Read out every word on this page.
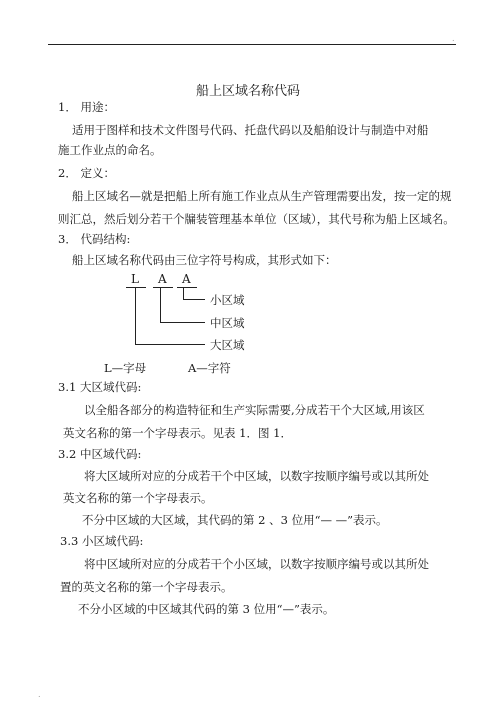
.
船上区域名称代码
1． 用途：
适用于图样和技术文件图号代码、托盘代码以及船舶设计与制造中对船
施工作业点的命名。
2． 定义：
船上区域名—就是把船上所有施工作业点从生产管理需要出发，按一定的规
则汇总，然后划分若干个牖装管理基本单位（区域），其代号称为船上区域名。
3． 代码结构:
船上区域名称代码由三位字符号构成，其形式如下：
L A A
小区域
中区域
大区域
L—字母	A—字符
3.1 大区域代码:
以全船各部分的构造特征和生产实际需要,分成若干个大区域,用该区
英文名称的第一个字母表示。见表 1．图 1．
3.2 中区域代码:
将大区域所对应的分成若干个中区域，以数字按顺序编号或以其所处
英文名称的第一个字母表示。
不分中区域的大区域，其代码的第 2 、3 位用“— —”表示。
3.3 小区域代码:
将中区域所对应的分成若干个小区域，以数字按顺序编号或以其所处
置的英文名称的第一个字母表示。
不分小区域的中区域其代码的第 3 位用“—”表示。
.
